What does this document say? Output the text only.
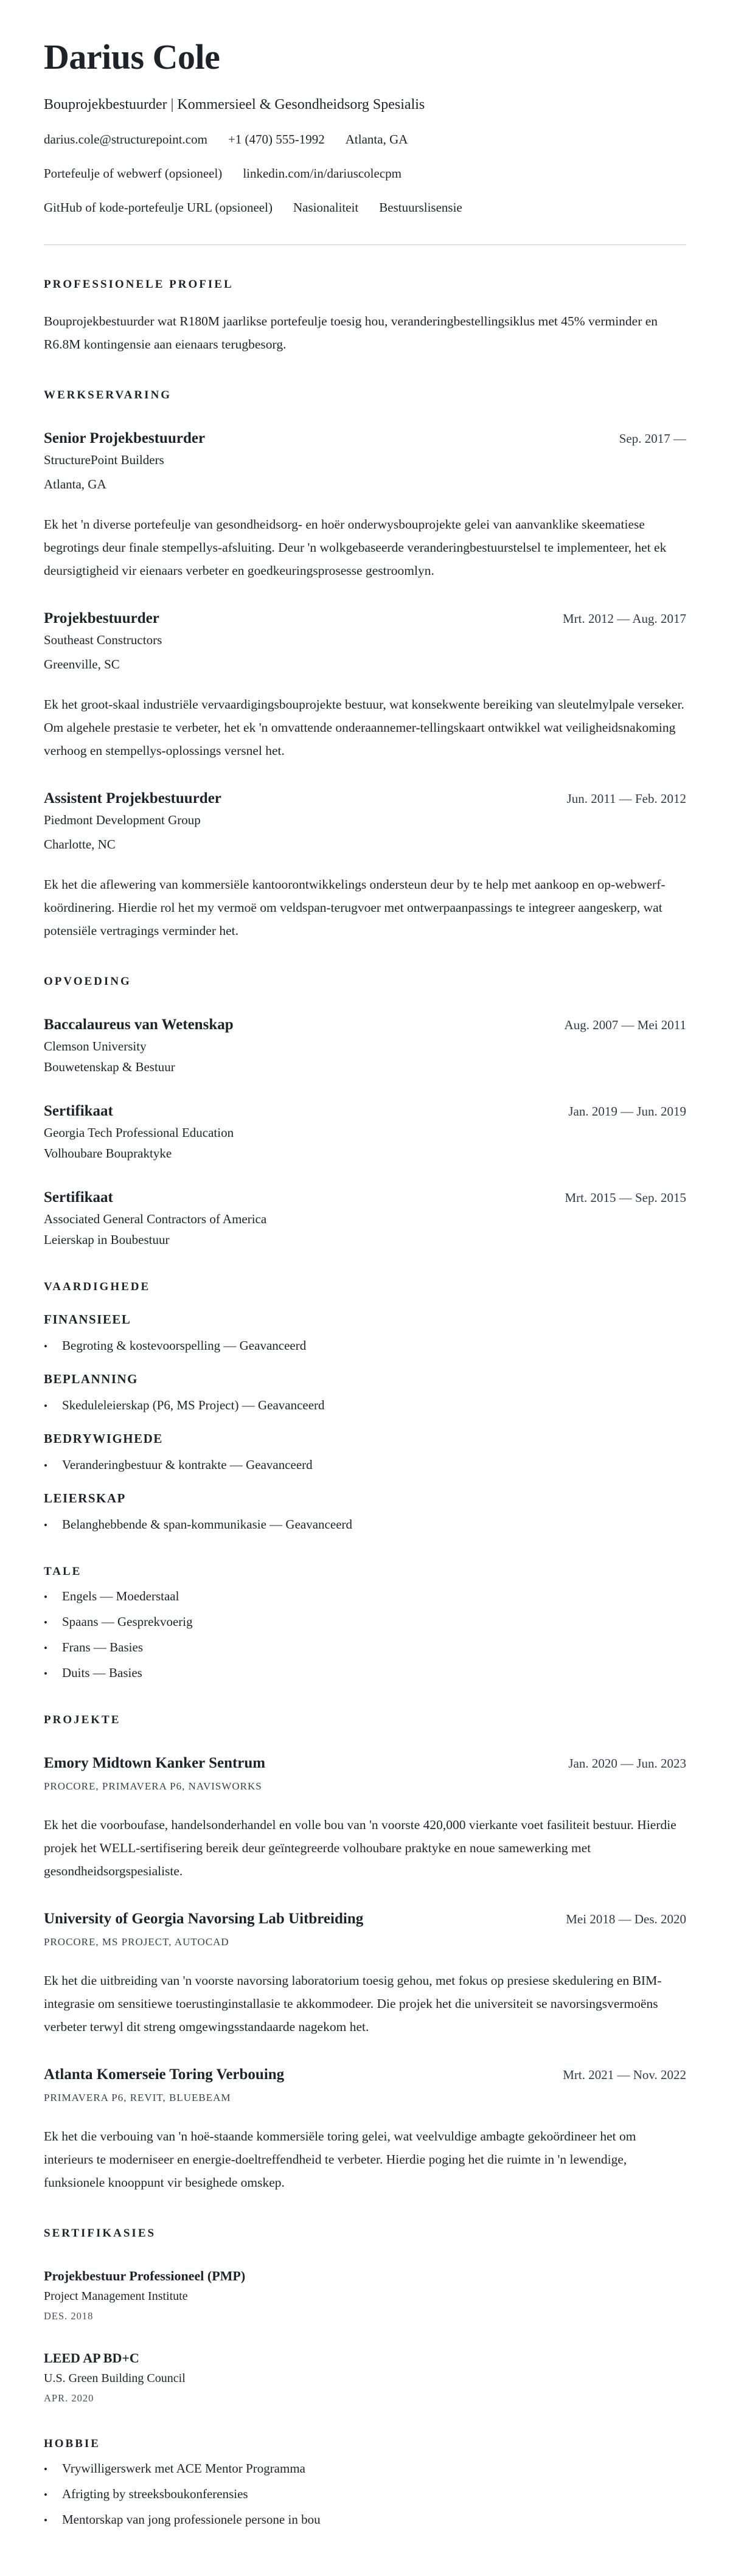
Darius Cole
Bouprojekbestuurder | Kommersieel & Gesondheidsorg Spesialis
darius.cole@structurepoint.com +1 (470) 555-1992 Atlanta, GA
Portefeulje of webwerf (opsioneel) linkedin.com/in/dariuscolecpm
GitHub of kode-portefeulje URL (opsioneel) Nasionaliteit Bestuurslisensie
PROFESSIONELE PROFIEL

Bouprojekbestuurder wat R180M jaarlikse portefeulje toesig hou, veranderingbestellingsiklus met 45% verminder en R6.8M kontingensie aan eienaars terugbesorg.

WERKSERVARING
Senior Projekbestuurder	Sep. 2017 —
StructurePoint Builders
Atlanta, GA

Ek het 'n diverse portefeulje van gesondheidsorg- en hoër onderwysbouprojekte gelei van aanvanklike skeematiese begrotings deur finale stempellys-afsluiting. Deur 'n wolkgebaseerde veranderingbestuurstelsel te implementeer, het ek deursigtigheid vir eienaars verbeter en goedkeuringsprosesse gestroomlyn.

Projekbestuurder	Mrt. 2012 — Aug. 2017
Southeast Constructors
Greenville, SC

Ek het groot-skaal industriële vervaardigingsbouprojekte bestuur, wat konsekwente bereiking van sleutelmylpale verseker. Om algehele prestasie te verbeter, het ek 'n omvattende onderaannemer-tellingskaart ontwikkel wat veiligheidsnakoming verhoog en stempellys-oplossings versnel het.

Assistent Projekbestuurder	Jun. 2011 — Feb. 2012
Piedmont Development Group
Charlotte, NC

Ek het die aflewering van kommersiële kantoorontwikkelings ondersteun deur by te help met aankoop en op-webwerf-koördinering. Hierdie rol het my vermoë om veldspan-terugvoer met ontwerpaanpassings te integreer aangeskerp, wat potensiële vertragings verminder het.

OPVOEDING
Baccalaureus van Wetenskap	Aug. 2007 — Mei 2011
Clemson University
Bouwetenskap & Bestuur
Sertifikaat	Jan. 2019 — Jun. 2019
Georgia Tech Professional Education
Volhoubare Boupraktyke
Sertifikaat	Mrt. 2015 — Sep. 2015
Associated General Contractors of America
Leierskap in Boubestuur
VAARDIGHEDE
FINANSIEEL
•	Begroting & kostevoorspelling — Geavanceerd
BEPLANNING
•	Skeduleleierskap (P6, MS Project) — Geavanceerd
BEDRYWIGHEDE
•	Veranderingbestuur & kontrakte — Geavanceerd
LEIERSKAP
•	Belanghebbende & span-kommunikasie — Geavanceerd
TALE
•	Engels — Moederstaal
•	Spaans — Gesprekvoerig
•	Frans — Basies
•	Duits — Basies
PROJEKTE
Emory Midtown Kanker Sentrum	Jan. 2020 — Jun. 2023
PROCORE, PRIMAVERA P6, NAVISWORKS

Ek het die voorboufase, handelsonderhandel en volle bou van 'n voorste 420,000 vierkante voet fasiliteit bestuur. Hierdie projek het WELL-sertifisering bereik deur geïntegreerde volhoubare praktyke en noue samewerking met gesondheidsorgspesialiste.

University of Georgia Navorsing Lab Uitbreiding	Mei 2018 — Des. 2020
PROCORE, MS PROJECT, AUTOCAD

Ek het die uitbreiding van 'n voorste navorsing laboratorium toesig gehou, met fokus op presiese skedulering en BIM-integrasie om sensitiewe toerustinginstallasie te akkommodeer. Die projek het die universiteit se navorsingsvermoëns verbeter terwyl dit streng omgewingsstandaarde nagekom het.

Atlanta Komerseie Toring Verbouing	Mrt. 2021 — Nov. 2022
PRIMAVERA P6, REVIT, BLUEBEAM

Ek het die verbouing van 'n hoë-staande kommersiële toring gelei, wat veelvuldige ambagte gekoördineer het om interieurs te moderniseer en energie-doeltreffendheid te verbeter. Hierdie poging het die ruimte in 'n lewendige, funksionele knooppunt vir besighede omskep.

SERTIFIKASIES
Projekbestuur Professioneel (PMP)
Project Management Institute
DES. 2018
LEED AP BD+C
U.S. Green Building Council
APR. 2020
HOBBIE
•	Vrywilligerswerk met ACE Mentor Programma
•	Afrigting by streeksboukonferensies
•	Mentorskap van jong professionele persone in bou
